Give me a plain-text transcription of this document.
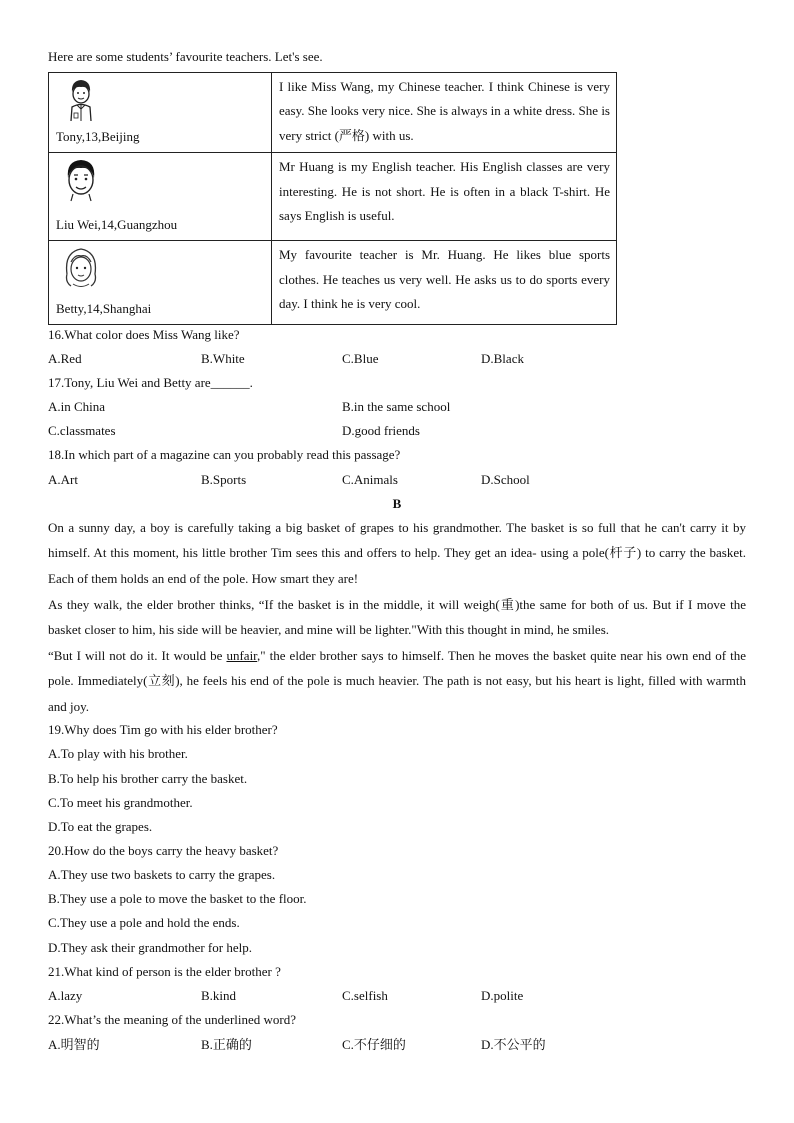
Here are some students’ favourite teachers. Let's see.
Tony,13,Beijing	I like Miss Wang, my Chinese teacher. I think Chinese is very easy. She looks very nice. She is always in a white dress. She is very strict (严格) with us.

Liu Wei,14,Guangzhou	Mr Huang is my English teacher. His English classes are very interesting. He is not short. He is often in a black T-shirt. He says English is useful.

Betty,14,Shanghai	My favourite teacher is Mr. Huang. He likes blue sports clothes. He teaches us very well. He asks us to do sports every day. I think he is very cool.
16.What color does Miss Wang like?
A.Red	B.White	C.Blue	D.Black
17.Tony, Liu Wei and Betty are______.
A.in China	B.in the same school
C.classmates	D.good friends
18.In which part of a magazine can you probably read this passage?
A.Art	B.Sports	C.Animals	D.School
B

On a sunny day, a boy is carefully taking a big basket of grapes to his grandmother. The basket is so full that he can't carry it by himself. At this moment, his little brother Tim sees this and offers to help. They get an idea- using a pole(杆子) to carry the basket. Each of them holds an end of the pole. How smart they are!

As they walk, the elder brother thinks, “If the basket is in the middle, it will weigh(重)the same for both of us. But if I move the basket closer to him, his side will be heavier, and mine will be lighter."With this thought in mind, he smiles.

“But I will not do it. It would be unfair," the elder brother says to himself. Then he moves the basket quite near his own end of the pole. Immediately(立刻), he feels his end of the pole is much heavier. The path is not easy, but his heart is light, filled with warmth and joy.

19.Why does Tim go with his elder brother?
A.To play with his brother.
B.To help his brother carry the basket.
C.To meet his grandmother.
D.To eat the grapes.
20.How do the boys carry the heavy basket?
A.They use two baskets to carry the grapes.
B.They use a pole to move the basket to the floor.
C.They use a pole and hold the ends.
D.They ask their grandmother for help.
21.What kind of person is the elder brother ?
A.lazy	B.kind	C.selfish	D.polite
22.What’s the meaning of the underlined word?
A.明智的	B.正确的	C.不仔细的	D.不公平的
